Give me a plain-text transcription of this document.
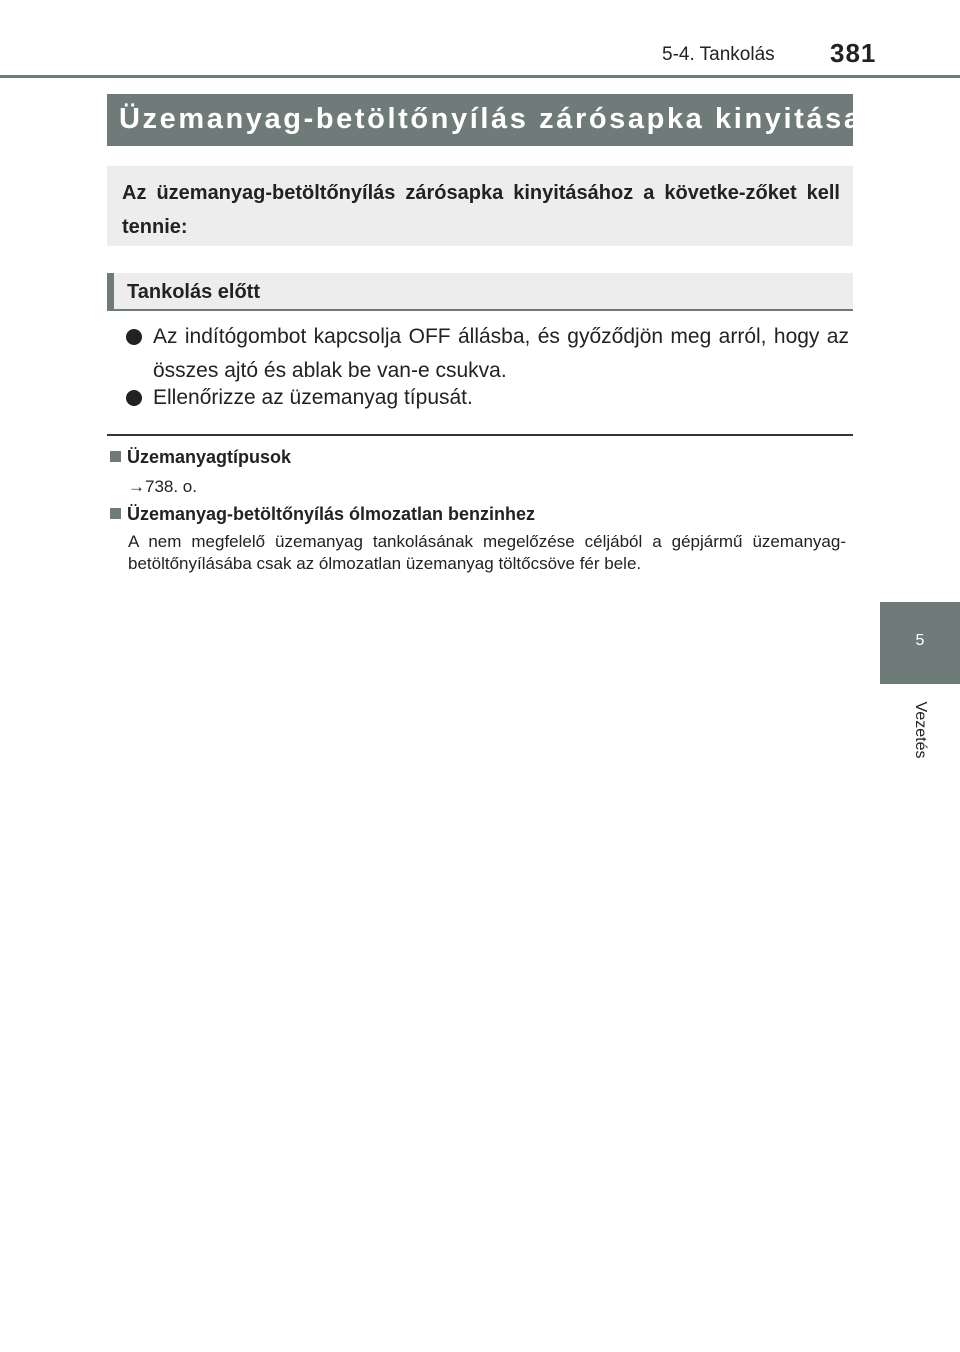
5-4. Tankolás 381
5
Vezetés
Üzemanyag-betöltőnyílás zárósapka kinyitása
Az üzemanyag-betöltőnyílás zárósapka kinyitásához a követke-zőket kell tennie:
Tankolás előtt
Az indítógombot kapcsolja OFF állásba, és győződjön meg arról, hogy az összes ajtó és ablak be van-e csukva.
Ellenőrizze az üzemanyag típusát.
Üzemanyagtípusok
→738. o.
Üzemanyag-betöltőnyílás ólmozatlan benzinhez
A nem megfelelő üzemanyag tankolásának megelőzése céljából a gépjármű üzemanyag-betöltőnyílásába csak az ólmozatlan üzemanyag töltőcsöve fér bele.
